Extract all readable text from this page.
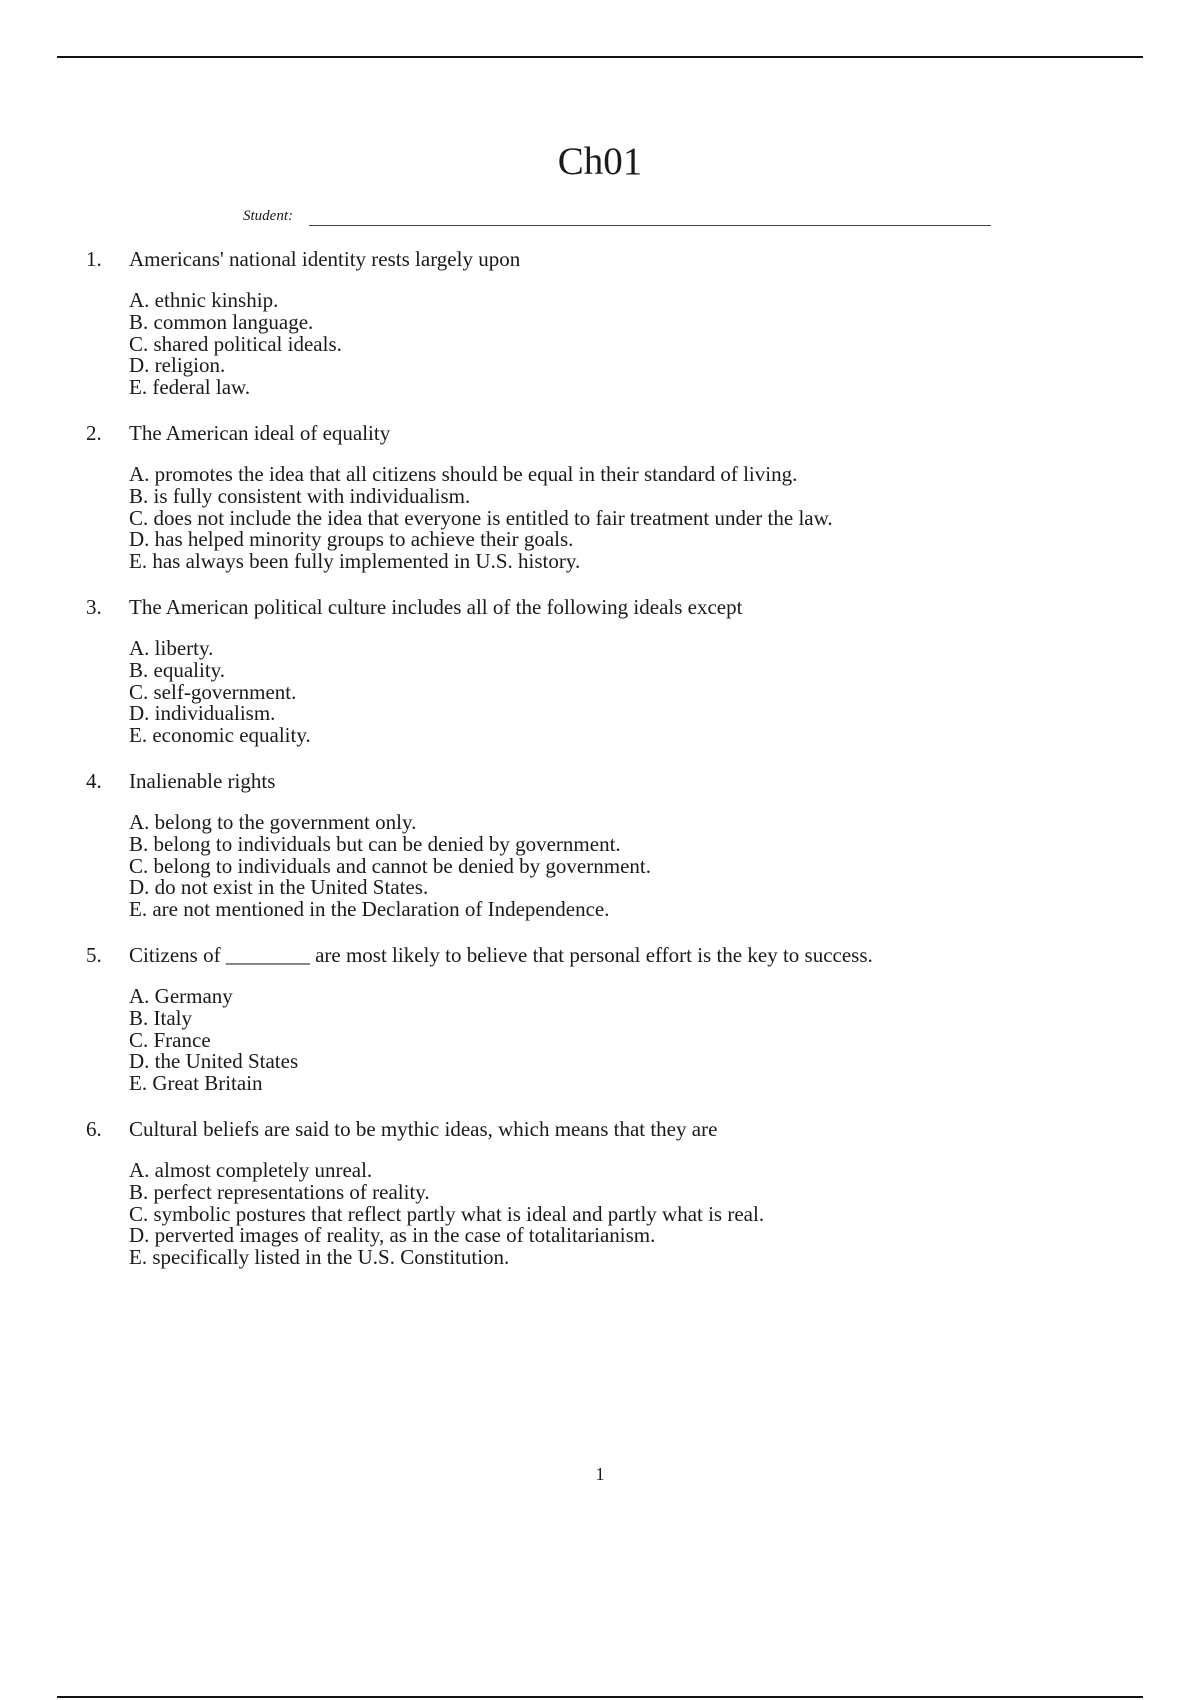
Ch01
Student:
1. Americans' national identity rests largely upon
A. ethnic kinship.
B. common language.
C. shared political ideals.
D. religion.
E. federal law.
2. The American ideal of equality
A. promotes the idea that all citizens should be equal in their standard of living.
B. is fully consistent with individualism.
C. does not include the idea that everyone is entitled to fair treatment under the law.
D. has helped minority groups to achieve their goals.
E. has always been fully implemented in U.S. history.
3. The American political culture includes all of the following ideals except
A. liberty.
B. equality.
C. self-government.
D. individualism.
E. economic equality.
4. Inalienable rights
A. belong to the government only.
B. belong to individuals but can be denied by government.
C. belong to individuals and cannot be denied by government.
D. do not exist in the United States.
E. are not mentioned in the Declaration of Independence.
5. Citizens of ________ are most likely to believe that personal effort is the key to success.
A. Germany
B. Italy
C. France
D. the United States
E. Great Britain
6. Cultural beliefs are said to be mythic ideas, which means that they are
A. almost completely unreal.
B. perfect representations of reality.
C. symbolic postures that reflect partly what is ideal and partly what is real.
D. perverted images of reality, as in the case of totalitarianism.
E. specifically listed in the U.S. Constitution.
1
